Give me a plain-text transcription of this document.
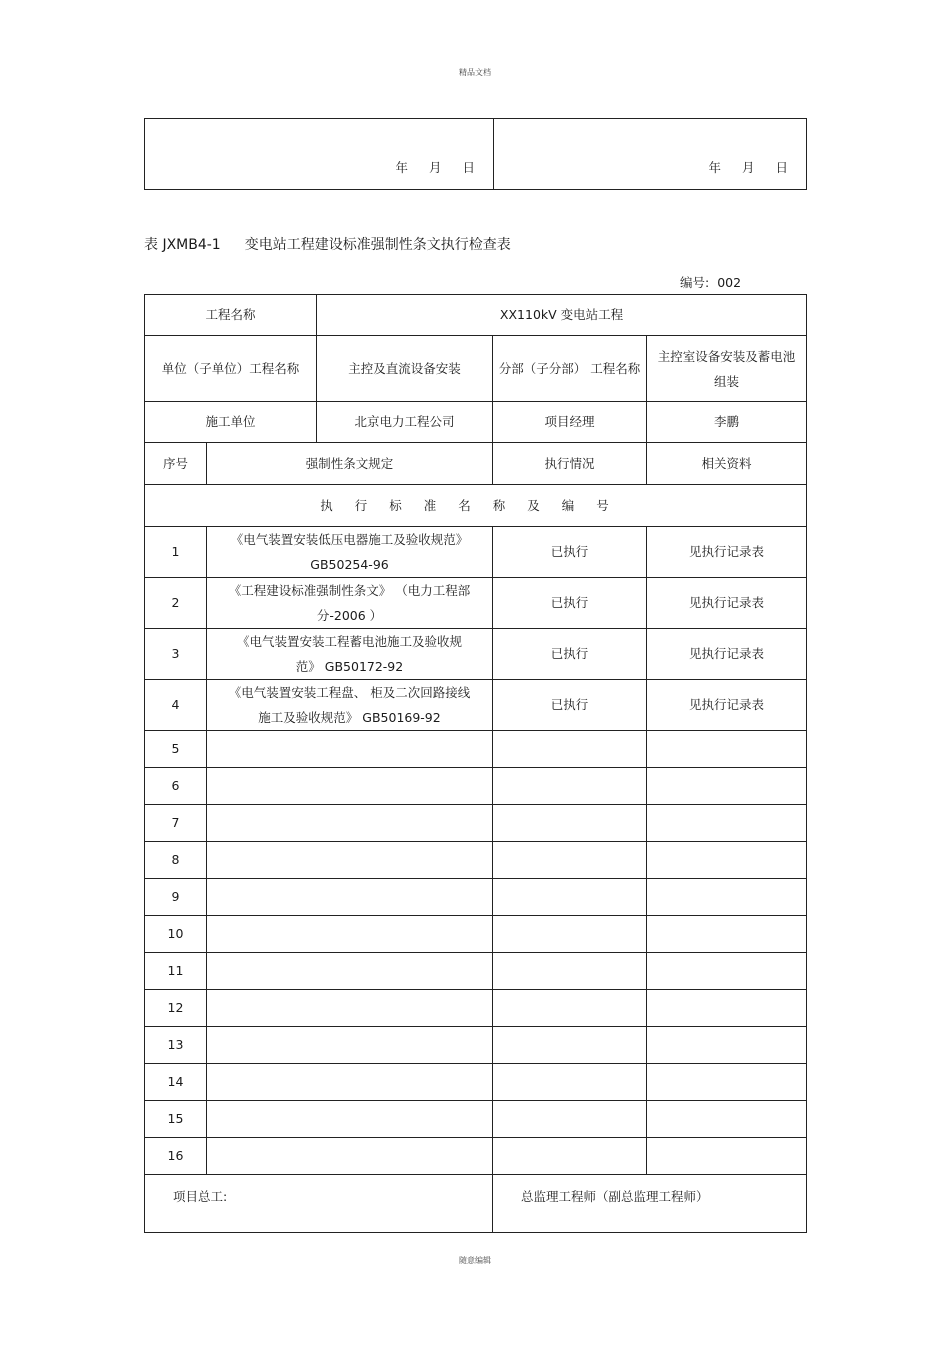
精品文档
年 月 日	年 月 日
表 JXMB4-1 变电站工程建设标准强制性条文执行检查表
编号: 002
工程名称		XX110kV 变电站工程		
单位（子单位）工程名称		主控及直流设备安装	分部（子分部） 工程名称	主控室设备安装及蓄电池
组装

施工单位		北京电力工程公司	项目经理	李鹏
序号	强制性条文规定		执行情况	相关资料
执行标准名称及编号				
1	《电气装置安装低压电器施工及验收规范》
GB50254-96		已执行	见执行记录表
2	《工程建设标准强制性条文》 （电力工程部
分-2006 ）		已执行	见执行记录表
3	《电气装置安装工程蓄电池施工及验收规
范》 GB50172-92		已执行	见执行记录表
4	《电气装置安装工程盘、 柜及二次回路接线
施工及验收规范》 GB50169-92		已执行	见执行记录表
5				
6				
7				
8				
9				
10				
11				
12				
13				
14				
15				
16				
项目总工:			总监理工程师（副总监理工程师）	
随意编辑
